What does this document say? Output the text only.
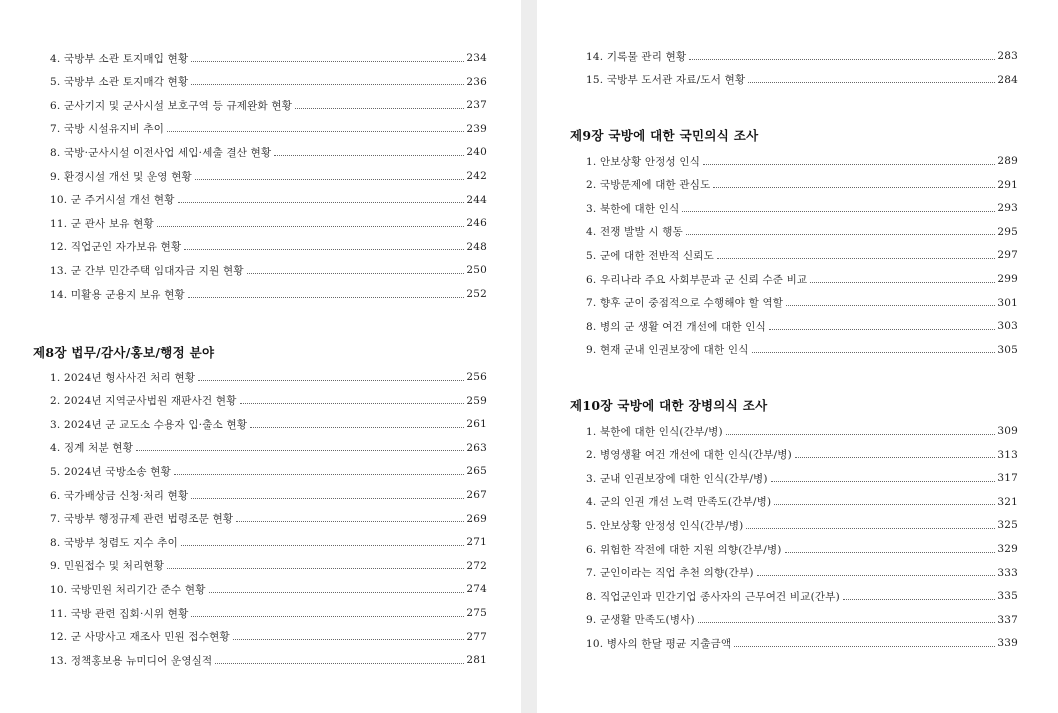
4. 국방부 소관 토지매입 현황	234
5. 국방부 소관 토지매각 현황	236
6. 군사기지 및 군사시설 보호구역 등 규제완화 현황	237
7. 국방 시설유지비 추이	239
8. 국방·군사시설 이전사업 세입·세출 결산 현황	240
9. 환경시설 개선 및 운영 현황	242
10. 군 주거시설 개선 현황	244
11. 군 관사 보유 현황	246
12. 직업군인 자가보유 현황	248
13. 군 간부 민간주택 임대자금 지원 현황	250
14. 미활용 군용지 보유 현황	252
제8장 법무/감사/홍보/행정 분야
1. 2024년 형사사건 처리 현황	256
2. 2024년 지역군사법원 재판사건 현황	259
3. 2024년 군 교도소 수용자 입·출소 현황	261
4. 징계 처분 현황	263
5. 2024년 국방소송 현황	265
6. 국가배상금 신청·처리 현황	267
7. 국방부 행정규제 관련 법령조문 현황	269
8. 국방부 청렴도 지수 추이	271
9. 민원접수 및 처리현황	272
10. 국방민원 처리기간 준수 현황	274
11. 국방 관련 집회·시위 현황	275
12. 군 사망사고 재조사 민원 접수현황	277
13. 정책홍보용 뉴미디어 운영실적	281
14. 기록물 관리 현황	283
15. 국방부 도서관 자료/도서 현황	284
제9장 국방에 대한 국민의식 조사
1. 안보상황 안정성 인식	289
2. 국방문제에 대한 관심도	291
3. 북한에 대한 인식	293
4. 전쟁 발발 시 행동	295
5. 군에 대한 전반적 신뢰도	297
6. 우리나라 주요 사회부문과 군 신뢰 수준 비교	299
7. 향후 군이 중점적으로 수행해야 할 역할	301
8. 병의 군 생활 여건 개선에 대한 인식	303
9. 현재 군내 인권보장에 대한 인식	305
제10장 국방에 대한 장병의식 조사
1. 북한에 대한 인식(간부/병)	309
2. 병영생활 여건 개선에 대한 인식(간부/병)	313
3. 군내 인권보장에 대한 인식(간부/병)	317
4. 군의 인권 개선 노력 만족도(간부/병)	321
5. 안보상황 안정성 인식(간부/병)	325
6. 위험한 작전에 대한 지원 의향(간부/병)	329
7. 군인이라는 직업 추천 의향(간부)	333
8. 직업군인과 민간기업 종사자의 근무여건 비교(간부)	335
9. 군생활 만족도(병사)	337
10. 병사의 한달 평균 지출금액	339
